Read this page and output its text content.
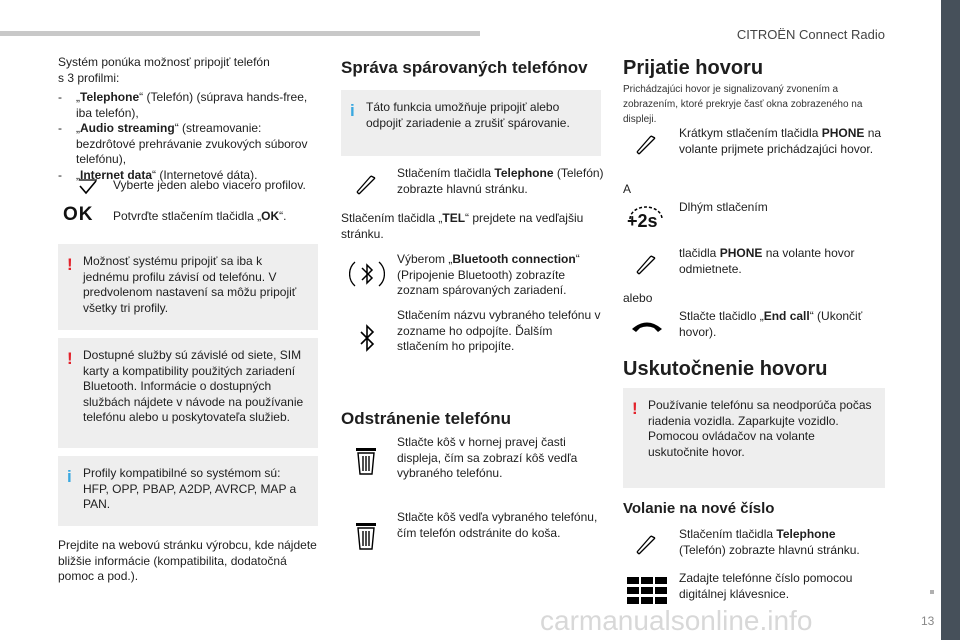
CITROËN Connect Radio
13
Systém ponúka možnosť pripojiť telefón
s 3 profilmi:
-	„Telephone“ (Telefón) (súprava hands-free, iba telefón),
-	„Audio streaming“ (streamovanie: bezdrôtové prehrávanie zvukových súborov telefónu),
-	„Internet data“ (Internetové dáta).
Vyberte jeden alebo viacero profilov.
OK Potvrďte stlačením tlačidla „OK“.
! Možnosť systému pripojiť sa iba k jednému profilu závisí od telefónu. V predvolenom nastavení sa môžu pripojiť všetky tri profily.
! Dostupné služby sú závislé od siete, SIM karty a kompatibility použitých zariadení Bluetooth. Informácie o dostupných službách nájdete v návode na používanie telefónu alebo u poskytovateľa služieb.
i Profily kompatibilné so systémom sú: HFP, OPP, PBAP, A2DP, AVRCP, MAP a PAN.
Prejdite na webovú stránku výrobcu, kde nájdete bližšie informácie (kompatibilita, dodatočná pomoc a pod.).
Správa spárovaných telefónov
i Táto funkcia umožňuje pripojiť alebo odpojiť zariadenie a zrušiť spárovanie.
Stlačením tlačidla Telephone (Telefón) zobrazte hlavnú stránku.
Stlačením tlačidla „TEL“ prejdete na vedľajšiu stránku.
Výberom „Bluetooth connection“ (Pripojenie Bluetooth) zobrazíte zoznam spárovaných zariadení.
Stlačením názvu vybraného telefónu v zozname ho odpojíte. Ďalším stlačením ho pripojíte.
Odstránenie telefónu
Stlačte kôš v hornej pravej časti displeja, čím sa zobrazí kôš vedľa vybraného telefónu.
Stlačte kôš vedľa vybraného telefónu, čím telefón odstránite do koša.
Prijatie hovoru
Prichádzajúci hovor je signalizovaný zvonením a zobrazením, ktoré prekryje časť okna zobrazeného na displeji.
Krátkym stlačením tlačidla PHONE na volante prijmete prichádzajúci hovor.
A
+2s
Dlhým stlačením
tlačidla PHONE na volante hovor odmietnete.
alebo
Stlačte tlačidlo „End call“ (Ukončiť hovor).
Uskutočnenie hovoru
! Používanie telefónu sa neodporúča počas riadenia vozidla. Zaparkujte vozidlo. Pomocou ovládačov na volante uskutočnite hovor.
Volanie na nové číslo
Stlačením tlačidla Telephone (Telefón) zobrazte hlavnú stránku.
Zadajte telefónne číslo pomocou digitálnej klávesnice.
carmanualsonline.info
